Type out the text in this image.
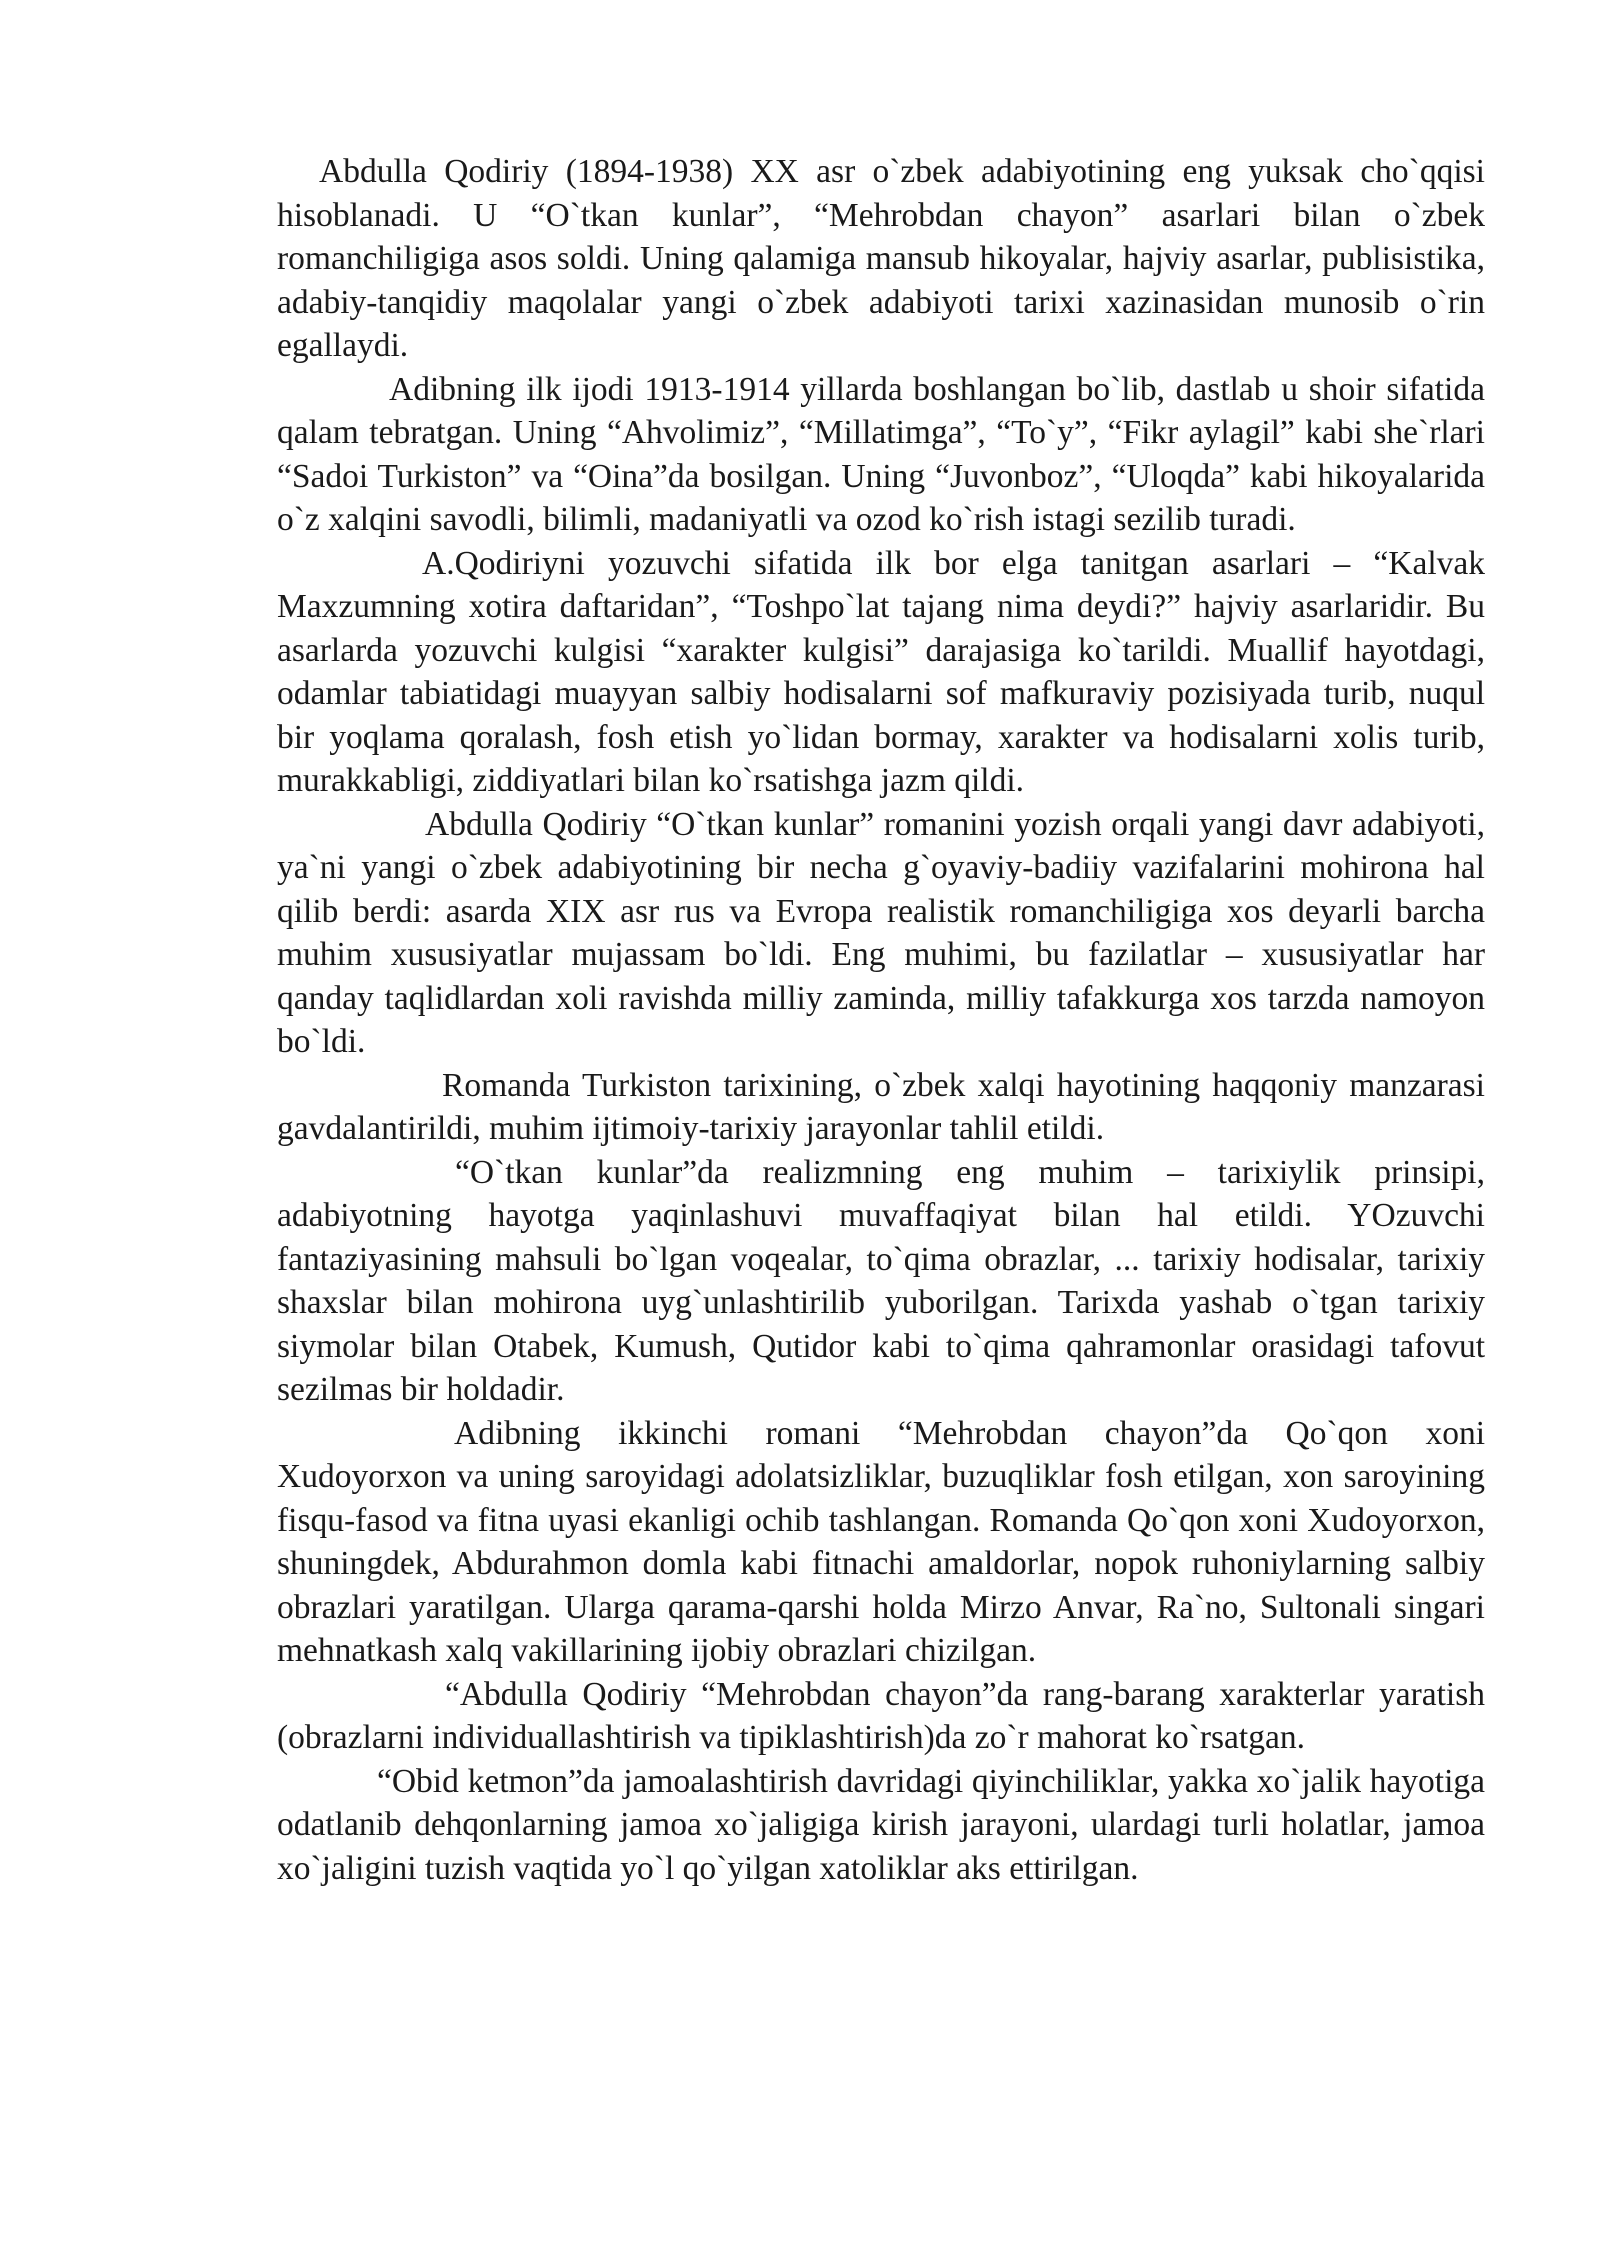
Abdulla Qodiriy (1894-1938) XX asr o`zbek adabiyotining eng yuksak cho`qqisi hisoblanadi. U “O`tkan kunlar”, “Mehrobdan chayon” asarlari bilan o`zbek romanchiligiga asos soldi. Uning qalamiga mansub hikoyalar, hajviy asarlar, publisistika, adabiy-tanqidiy maqolalar yangi o`zbek adabiyoti tarixi xazinasidan munosib o`rin egallaydi.

Adibning ilk ijodi 1913-1914 yillarda boshlangan bo`lib, dastlab u shoir sifatida qalam tebratgan. Uning “Ahvolimiz”, “Millatimga”, “To`y”, “Fikr aylagil” kabi she`rlari “Sadoi Turkiston” va “Oina”da bosilgan. Uning “Juvonboz”, “Uloqda” kabi hikoyalarida o`z xalqini savodli, bilimli, madaniyatli va ozod ko`rish istagi sezilib turadi.

A.Qodiriyni yozuvchi sifatida ilk bor elga tanitgan asarlari – “Kalvak Maxzumning xotira daftaridan”, “Toshpo`lat tajang nima deydi?” hajviy asarlaridir. Bu asarlarda yozuvchi kulgisi “xarakter kulgisi” darajasiga ko`tarildi. Muallif hayotdagi, odamlar tabiatidagi muayyan salbiy hodisalarni sof mafkuraviy pozisiyada turib, nuqul bir yoqlama qoralash, fosh etish yo`lidan bormay, xarakter va hodisalarni xolis turib, murakkabligi, ziddiyatlari bilan ko`rsatishga jazm qildi.

Abdulla Qodiriy “O`tkan kunlar” romanini yozish orqali yangi davr adabiyoti, ya`ni yangi o`zbek adabiyotining bir necha g`oyaviy-badiiy vazifalarini mohirona hal qilib berdi: asarda XIX asr rus va Evropa realistik romanchiligiga xos deyarli barcha muhim xususiyatlar mujassam bo`ldi. Eng muhimi, bu fazilatlar – xususiyatlar har qanday taqlidlardan xoli ravishda milliy zaminda, milliy tafakkurga xos tarzda namoyon bo`ldi.

Romanda Turkiston tarixining, o`zbek xalqi hayotining haqqoniy manzarasi gavdalantirildi, muhim ijtimoiy-tarixiy jarayonlar tahlil etildi.

“O`tkan kunlar”da realizmning eng muhim – tarixiylik prinsipi, adabiyotning hayotga yaqinlashuvi muvaffaqiyat bilan hal etildi. YOzuvchi fantaziyasining mahsuli bo`lgan voqealar, to`qima obrazlar, ... tarixiy hodisalar, tarixiy shaxslar bilan mohirona uyg`unlashtirilib yuborilgan. Tarixda yashab o`tgan tarixiy siymolar bilan Otabek, Kumush, Qutidor kabi to`qima qahramonlar orasidagi tafovut sezilmas bir holdadir.

Adibning ikkinchi romani “Mehrobdan chayon”da Qo`qon xoni Xudoyorxon va uning saroyidagi adolatsizliklar, buzuqliklar fosh etilgan, xon saroyining fisqu-fasod va fitna uyasi ekanligi ochib tashlangan. Romanda Qo`qon xoni Xudoyorxon, shuningdek, Abdurahmon domla kabi fitnachi amaldorlar, nopok ruhoniylarning salbiy obrazlari yaratilgan. Ularga qarama-qarshi holda Mirzo Anvar, Ra`no, Sultonali singari mehnatkash xalq vakillarining ijobiy obrazlari chizilgan.

“Abdulla Qodiriy “Mehrobdan chayon”da rang-barang xarakterlar yaratish (obrazlarni individuallashtirish va tipiklashtirish)da zo`r mahorat ko`rsatgan.

“Obid ketmon”da jamoalashtirish davridagi qiyinchiliklar, yakka xo`jalik hayotiga odatlanib dehqonlarning jamoa xo`jaligiga kirish jarayoni, ulardagi turli holatlar, jamoa xo`jaligini tuzish vaqtida yo`l qo`yilgan xatoliklar aks ettirilgan.
